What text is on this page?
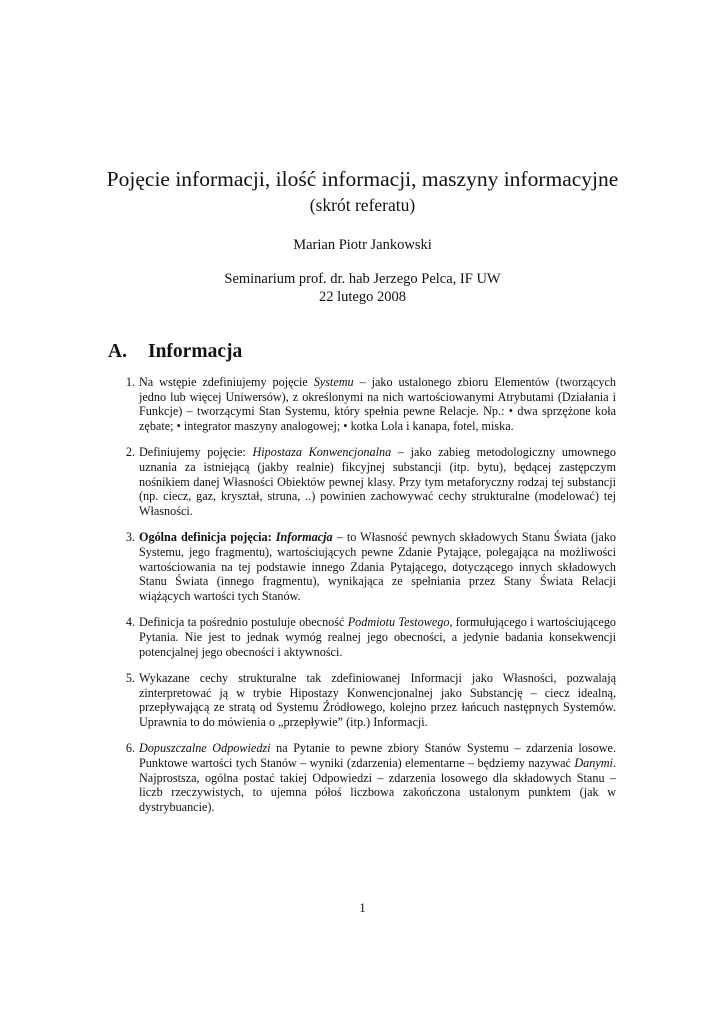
Pojęcie informacji, ilość informacji, maszyny informacyjne
(skrót referatu)
Marian Piotr Jankowski
Seminarium prof. dr. hab Jerzego Pelca, IF UW
22 lutego 2008
A. Informacja
1. Na wstępie zdefiniujemy pojęcie Systemu – jako ustalonego zbioru Elementów (tworzących jedno lub więcej Uniwersów), z określonymi na nich wartościowanymi Atrybutami (Działania i Funkcje) – tworzącymi Stan Systemu, który spełnia pewne Relacje. Np.: • dwa sprzężone koła zębate; • integrator maszyny analogowej; • kotka Lola i kanapa, fotel, miska.
2. Definiujemy pojęcie: Hipostaza Konwencjonalna – jako zabieg metodologiczny umownego uznania za istniejącą (jakby realnie) fikcyjnej substancji (itp. bytu), będącej zastępczym nośnikiem danej Własności Obiektów pewnej klasy. Przy tym metaforyczny rodzaj tej substancji (np. ciecz, gaz, kryształ, struna, ..) powinien zachowywać cechy strukturalne (modelować) tej Własności.
3. Ogólna definicja pojęcia: Informacja – to Własność pewnych składowych Stanu Świata (jako Systemu, jego fragmentu), wartościujących pewne Zdanie Pytające, polegająca na możliwości wartościowania na tej podstawie innego Zdania Pytającego, dotyczącego innych składowych Stanu Świata (innego fragmentu), wynikająca ze spełniania przez Stany Świata Relacji wiążących wartości tych Stanów.
4. Definicja ta pośrednio postuluje obecność Podmiotu Testowego, formułującego i wartościującego Pytania. Nie jest to jednak wymóg realnej jego obecności, a jedynie badania konsekwencji potencjalnej jego obecności i aktywności.
5. Wykazane cechy strukturalne tak zdefiniowanej Informacji jako Własności, pozwalają zinterpretować ją w trybie Hipostazy Konwencjonalnej jako Substancję – ciecz idealną, przepływającą ze stratą od Systemu Źródłowego, kolejno przez łańcuch następnych Systemów. Uprawnia to do mówienia o „przepływie” (itp.) Informacji.
6. Dopuszczalne Odpowiedzi na Pytanie to pewne zbiory Stanów Systemu – zdarzenia losowe. Punktowe wartości tych Stanów – wyniki (zdarzenia) elementarne – będziemy nazywać Danymi. Najprostsza, ogólna postać takiej Odpowiedzi – zdarzenia losowego dla składowych Stanu – liczb rzeczywistych, to ujemna półoś liczbowa zakończona ustalonym punktem (jak w dystrybuancie).
1
